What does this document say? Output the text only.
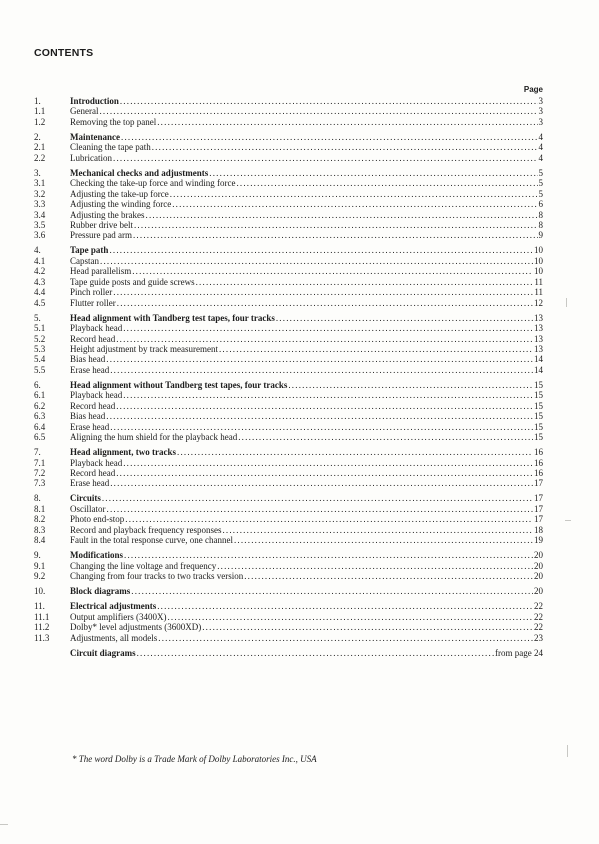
CONTENTS
Page
1.	Introduction .....	3
1.1	General .....	3
1.2	Removing the top panel .....	3
2.	Maintenance .....	4
2.1	Cleaning the tape path .....	4
2.2	Lubrication .....	4
3.	Mechanical checks and adjustments .....	5
3.1	Checking the take-up force and winding force .....	5
3.2	Adjusting the take-up force .....	5
3.3	Adjusting the winding force .....	6
3.4	Adjusting the brakes .....	8
3.5	Rubber drive belt .....	8
3.6	Pressure pad arm .....	9
4.	Tape path .....	10
4.1	Capstan .....	10
4.2	Head parallelism .....	10
4.3	Tape guide posts and guide screws .....	11
4.4	Pinch roller .....	11
4.5	Flutter roller .....	12
5.	Head alignment with Tandberg test tapes, four tracks .....	13
5.1	Playback head .....	13
5.2	Record head .....	13
5.3	Height adjustment by track measurement .....	13
5.4	Bias head .....	14
5.5	Erase head .....	14
6.	Head alignment without Tandberg test tapes, four tracks .....	15
6.1	Playback head .....	15
6.2	Record head .....	15
6.3	Bias head .....	15
6.4	Erase head .....	15
6.5	Aligning the hum shield for the playback head .....	15
7.	Head alignment, two tracks .....	16
7.1	Playback head .....	16
7.2	Record head .....	16
7.3	Erase head .....	17
8.	Circuits .....	17
8.1	Oscillator .....	17
8.2	Photo end-stop .....	17
8.3	Record and playback frequency responses .....	18
8.4	Fault in the total response curve, one channel .....	19
9.	Modifications .....	20
9.1	Changing the line voltage and frequency .....	20
9.2	Changing from four tracks to two tracks version .....	20
10.	Block diagrams .....	20
11.	Electrical adjustments .....	22
11.1	Output amplifiers (3400X) .....	22
11.2	Dolby* level adjustments (3600XD) .....	22
11.3	Adjustments, all models .....	23
Circuit diagrams .....	from page 24
* The word Dolby is a Trade Mark of Dolby Laboratories Inc., USA
